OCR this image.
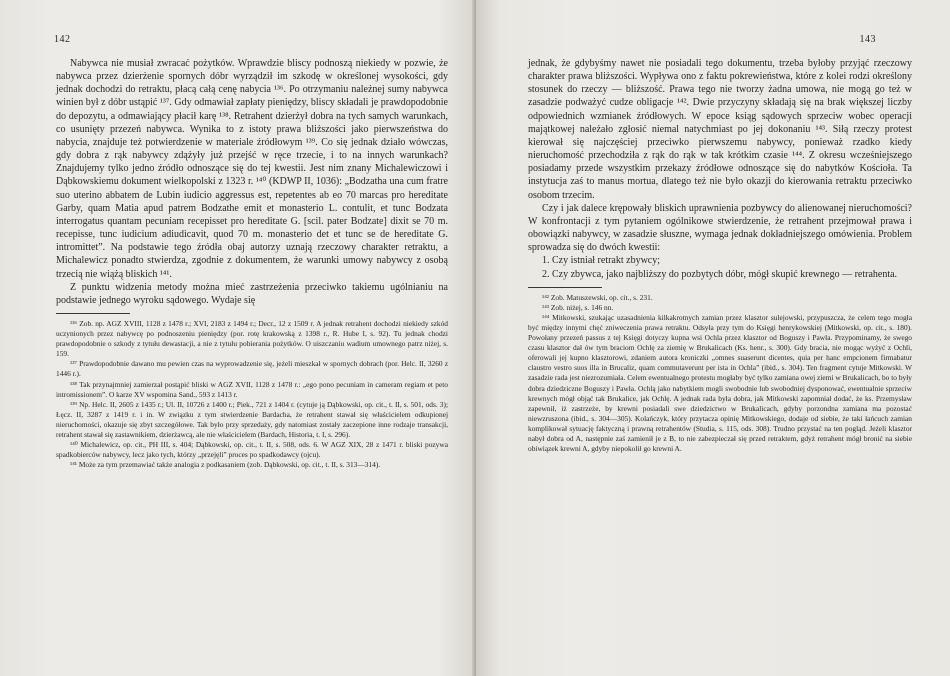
142

Nabywca nie musiał zwracać pożytków. Wprawdzie bliscy podnoszą niekiedy w pozwie, że nabywca przez dzierżenie spornych dóbr wyrządził im szkodę w określonej wysokości, gdy jednak dochodzi do retraktu, płacą całą cenę nabycia ¹³⁶. Po otrzymaniu należnej sumy nabywca winien był z dóbr ustąpić ¹³⁷. Gdy odmawiał zapłaty pieniędzy, bliscy składali je prawdopodobnie do depozytu, a odmawiający płacił karę ¹³⁸. Retrahent dzierżył dobra na tych samych warunkach, co usunięty przezeń nabywca. Wynika to z istoty prawa bliższości jako pierwszeństwa do nabycia, znajduje też potwierdzenie w materiale źródłowym ¹³⁹. Co się jednak działo wówczas, gdy dobra z rąk nabywcy zdążyły już przejść w ręce trzecie, i to na innych warunkach? Znajdujemy tylko jedno źródło odnoszące się do tej kwestii. Jest nim znany Michalewiczowi i Dąbkowskiemu dokument wielkopolski z 1323 r. ¹⁴⁰ (KDWP II, 1036): „Bodzatha una cum fratre suo uterino abbatem de Lubin iudicio aggressus est, repetentes ab eo 70 marcas pro hereditate Garby, quam Matia apud patrem Bodzathe emit et monasterio L. contulit, et tunc Bodzata interrogatus quantam pecuniam recepisset pro hereditate G. [scil. pater Bodzate] dixit se 70 m. recepisse, tunc iudicium adiudicavit, quod 70 m. monasterio det et tunc se de hereditate G. intromittet”. Na podstawie tego źródła obaj autorzy uznają rzeczowy charakter retraktu, a Michalewicz ponadto stwierdza, zgodnie z dokumentem, że warunki umowy nabywcy z osobą trzecią nie wiążą bliskich ¹⁴¹.

Z punktu widzenia metody można mieć zastrzeżenia przeciwko takiemu ugólnianiu na podstawie jednego wyroku sądowego. Wydaje się

¹³⁶ Zob. np. AGZ XVIII, 1128 z 1478 r.; XVI, 2183 z 1494 r.; Decr., 12 z 1509 r. A jednak retrahent dochodzi niekiedy szkód uczynionych przez nabywcę po podnoszeniu pieniędzy (por. rotę krakowską z 1398 r., R. Hube I, s. 92). Tu jednak chodzi prawdopodobnie o szkody z tytułu dewastacji, a nie z tytułu pobierania pożytków. O uiszczaniu wadium umownego patrz niżej, s. 159.

¹³⁷ Prawdopodobnie dawano mu pewien czas na wyprowadzenie się, jeżeli mieszkał w spornych dobrach (por. Helc. II, 3260 z 1446 r.).

¹³⁸ Tak przynajmniej zamierzał postąpić bliski w AGZ XVII, 1128 z 1478 r.: „ego pono pecuniam in cameram regiam et peto intromissionem”. O karze XV wspomina Sand., 593 z 1413 r.

¹³⁹ Np. Helc. II, 2605 z 1435 r.; Ul. II, 10726 z 1400 r.; Piek., 721 z 1404 r. (cytuje ją Dąbkowski, op. cit., t. II, s. 501, ods. 3); Łęcz. II, 3287 z 1419 r. i in. W związku z tym stwierdzenie Bardacha, że retrahent stawał się właścicielem odkupionej nieruchomości, okazuje się zbyt szczegółowe. Tak było przy sprzedaży, gdy natomiast zostały zaczepione inne rodzaje transakcji, retrahent stawał się zastawnikiem, dzierżawcą, ale nie właścicielem (Bardach, Historia, t. I, s. 296).

¹⁴⁰ Michalewicz, op. cit., PH III, s. 404; Dąbkowski, op. cit., t. II, s. 508, ods. 6. W AGZ XIX, 28 z 1471 r. bliski pozywa spadkobierców nabywcy, lecz jako tych, którzy „przejęli” proces po spadkodawcy (ojcu).

¹⁴¹ Może za tym przemawiać także analogia z podkasaniem (zob. Dąbkowski, op. cit., t. II, s. 313—314).

143

jednak, że gdybyśmy nawet nie posiadali tego dokumentu, trzeba byłoby przyjąć rzeczowy charakter prawa bliższości. Wypływa ono z faktu pokrewieństwa, które z kolei rodzi określony stosunek do rzeczy — bliższość. Prawa tego nie tworzy żadna umowa, nie mogą go też w zasadzie podważyć cudze obligacje ¹⁴². Dwie przyczyny składają się na brak większej liczby odpowiednich wzmianek źródłowych. W epoce ksiąg sądowych sprzeciw wobec operacji majątkowej należało zgłosić niemal natychmiast po jej dokonaniu ¹⁴³. Siłą rzeczy protest kierował się najczęściej przeciwko pierwszemu nabywcy, ponieważ rzadko kiedy nieruchomość przechodziła z rąk do rąk w tak krótkim czasie ¹⁴⁴. Z okresu wcześniejszego posiadamy przede wszystkim przekazy źródłowe odnoszące się do nabytków Kościoła. Ta instytucja zaś to manus mortua, dlatego też nie było okazji do kierowania retraktu przeciwko osobom trzecim.

Czy i jak dalece krępowały bliskich uprawnienia pozbywcy do alienowanej nieruchomości? W konfrontacji z tym pytaniem ogólnikowe stwierdzenie, że retrahent przejmował prawa i obowiązki nabywcy, w zasadzie słuszne, wymaga jednak dokładniejszego omówienia. Problem sprowadza się do dwóch kwestii:

1. Czy istniał retrakt zbywcy;

2. Czy zbywca, jako najbliższy do pozbytych dóbr, mógł skupić krewnego — retrahenta.

¹⁴² Zob. Matuszewski, op. cit., s. 231.

¹⁴³ Zob. niżej, s. 146 nn.

¹⁴⁴ Mitkowski, szukając uzasadnienia kilkakrotnych zamian przez klasztor sulejowski, przypuszcza, że celem tego mogła być między innymi chęć zniweczenia prawa retraktu. Odsyła przy tym do Księgi henrykowskiej (Mitkowski, op. cit., s. 180). Powołany przezeń passus z tej Księgi dotyczy kupna wsi Ochla przez klasztor od Boguszy i Pawła. Przypominamy, że swego czasu klasztor dał ów tym braciom Ochlę za ziemię w Brukalicach (Ks. henr., s. 300). Gdy bracia, nie mogąc wyżyć z Ochli, oferowali jej kupno klasztorowi, zdaniem autora kroniczki „omnes suaserunt dicentes, quia per hanc empcionem firmabatur claustro vestro suos illa in Brucaliz, quam commutaverunt per ista in Ochla” (ibid., s. 304). Ten fragment cytuje Mitkowski. W zasadzie rada jest niezrozumiała. Celem ewentualnego protestu mogłaby być tylko zamiana owej ziemi w Brukalicach, bo to były dobra dziedziczne Boguszy i Pawła. Ochlą jako nabytkiem mogli swobodnie lub swobodniej dysponować, ewentualnie sprzeciw krewnych mógł objąć tak Brukalice, jak Ochlę. A jednak rada była dobra, jak Mitkowski zapomniał dodać, że ks. Przemysław zapewnił, iż zastrzeże, by krewni posiadali swe dziedzictwo w Brukalicach, gdyby porzondna zamiana ma pozostać niewzruszona (ibid., s. 304—305). Kolańczyk, który przytacza opinię Mitkowskiego, dodaje od siebie, że taki łańcuch zamian komplikował sytuację faktyczną i prawną retrahentów (Studia, s. 115, ods. 308). Trudno przystać na ten pogląd. Jeżeli klasztor nabył dobra od A, następnie zaś zamienił je z B, to nie zabezpieczał się przed retraktem, gdyż retrahent mógł bronić na siebie obiwiązek krewni A, gdyby niepokolił go krewni A.
